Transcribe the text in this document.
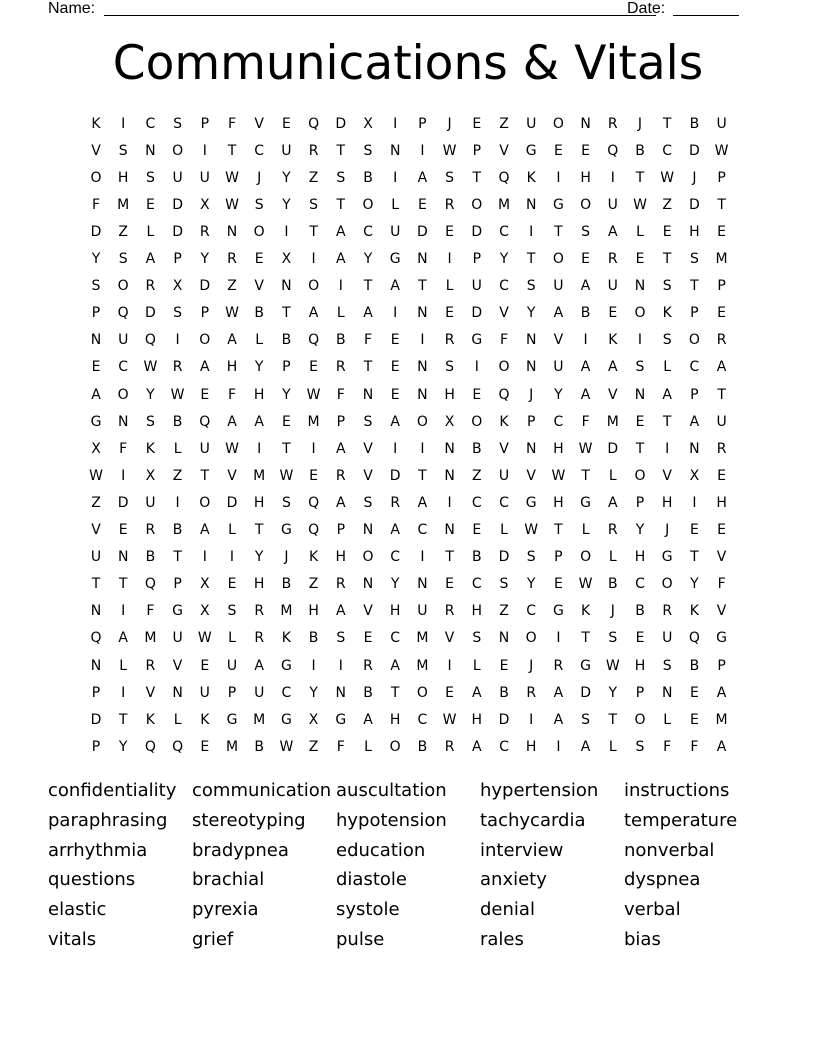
Name:	Date:
Communications & Vitals
K	I	C	S	P	F	V	E	Q	D	X	I	P	J	E	Z	U	O	N	R	J	T	B	U
V	S	N	O	I	T	C	U	R	T	S	N	I	W	P	V	G	E	E	Q	B	C	D	W
O	H	S	U	U	W	J	Y	Z	S	B	I	A	S	T	Q	K	I	H	I	T	W	J	P
F	M	E	D	X	W	S	Y	S	T	O	L	E	R	O	M	N	G	O	U	W	Z	D	T
D	Z	L	D	R	N	O	I	T	A	C	U	D	E	D	C	I	T	S	A	L	E	H	E
Y	S	A	P	Y	R	E	X	I	A	Y	G	N	I	P	Y	T	O	E	R	E	T	S	M
S	O	R	X	D	Z	V	N	O	I	T	A	T	L	U	C	S	U	A	U	N	S	T	P
P	Q	D	S	P	W	B	T	A	L	A	I	N	E	D	V	Y	A	B	E	O	K	P	E
N	U	Q	I	O	A	L	B	Q	B	F	E	I	R	G	F	N	V	I	K	I	S	O	R
E	C	W	R	A	H	Y	P	E	R	T	E	N	S	I	O	N	U	A	A	S	L	C	A
A	O	Y	W	E	F	H	Y	W	F	N	E	N	H	E	Q	J	Y	A	V	N	A	P	T
G	N	S	B	Q	A	A	E	M	P	S	A	O	X	O	K	P	C	F	M	E	T	A	U
X	F	K	L	U	W	I	T	I	A	V	I	I	N	B	V	N	H	W	D	T	I	N	R
W	I	X	Z	T	V	M	W	E	R	V	D	T	N	Z	U	V	W	T	L	O	V	X	E
Z	D	U	I	O	D	H	S	Q	A	S	R	A	I	C	C	G	H	G	A	P	H	I	H
V	E	R	B	A	L	T	G	Q	P	N	A	C	N	E	L	W	T	L	R	Y	J	E	E
U	N	B	T	I	I	Y	J	K	H	O	C	I	T	B	D	S	P	O	L	H	G	T	V
T	T	Q	P	X	E	H	B	Z	R	N	Y	N	E	C	S	Y	E	W	B	C	O	Y	F
N	I	F	G	X	S	R	M	H	A	V	H	U	R	H	Z	C	G	K	J	B	R	K	V
Q	A	M	U	W	L	R	K	B	S	E	C	M	V	S	N	O	I	T	S	E	U	Q	G
N	L	R	V	E	U	A	G	I	I	R	A	M	I	L	E	J	R	G	W	H	S	B	P
P	I	V	N	U	P	U	C	Y	N	B	T	O	E	A	B	R	A	D	Y	P	N	E	A
D	T	K	L	K	G	M	G	X	G	A	H	C	W	H	D	I	A	S	T	O	L	E	M
P	Y	Q	Q	E	M	B	W	Z	F	L	O	B	R	A	C	H	I	A	L	S	F	F	A
confidentiality communication auscultation hypertension instructions
paraphrasing stereotyping hypotension tachycardia temperature
arrhythmia bradypnea	education	interview	nonverbal
questions	brachial	diastole	anxiety	dyspnea
elastic	pyrexia	systole	denial	verbal
vitals	grief	pulse	rales	bias
